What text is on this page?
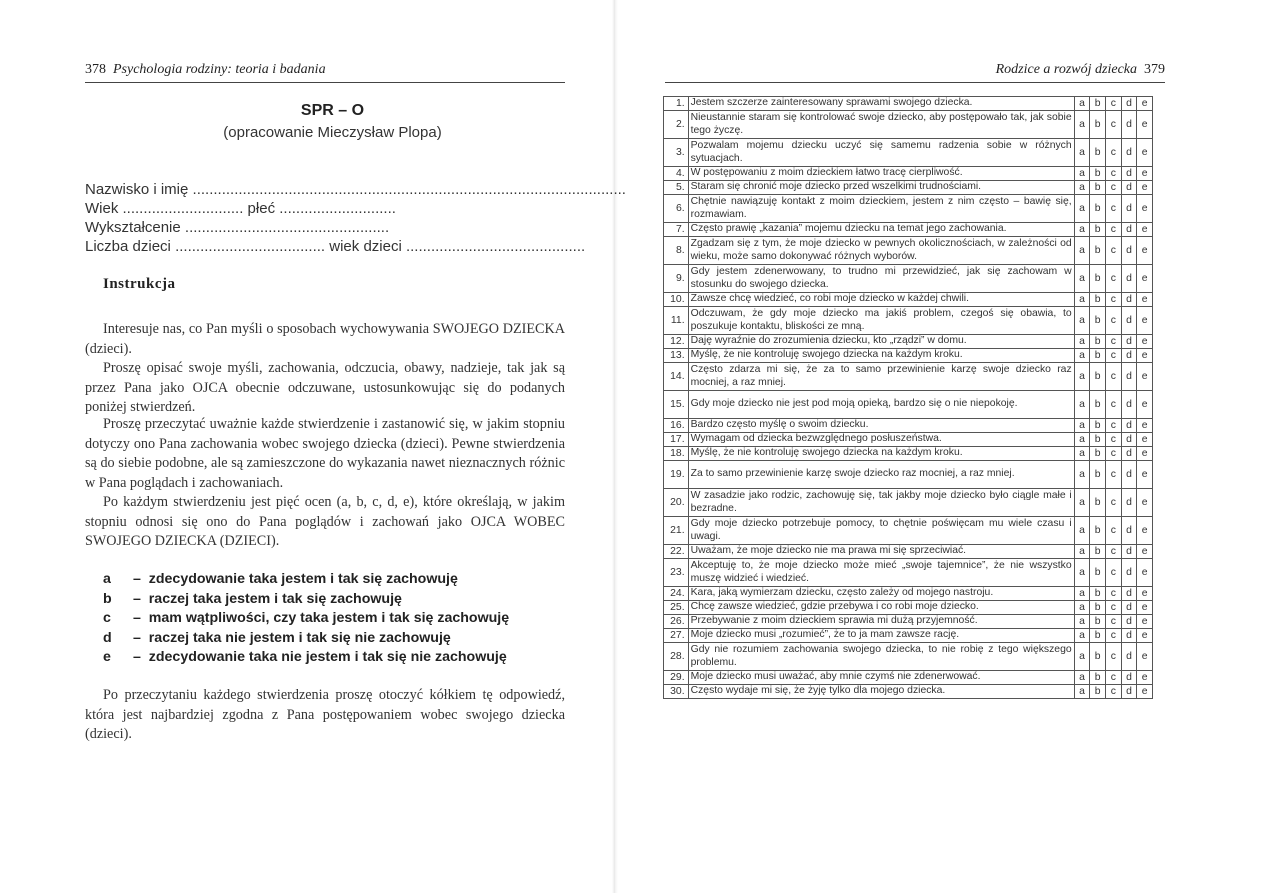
378 Psychologia rodziny: teoria i badania
SPR – O
(opracowanie Mieczysław Plopa)
Nazwisko i imię ........................................................................................................
Wiek ............................. płeć ............................
Wykształcenie .................................................
Liczba dzieci .................................... wiek dzieci ...........................................
Instrukcja
Interesuje nas, co Pan myśli o sposobach wychowywania SWOJEGO DZIECKA (dzieci).
Proszę opisać swoje myśli, zachowania, odczucia, obawy, nadzieje, tak jak są przez Pana jako OJCA obecnie odczuwane, ustosunkowując się do podanych poniżej stwierdzeń.
Proszę przeczytać uważnie każde stwierdzenie i zastanowić się, w jakim stopniu dotyczy ono Pana zachowania wobec swojego dziecka (dzieci). Pewne stwierdzenia są do siebie podobne, ale są zamieszczone do wykazania nawet nieznacznych różnic w Pana poglądach i zachowaniach.
Po każdym stwierdzeniu jest pięć ocen (a, b, c, d, e), które określają, w jakim stopniu odnosi się ono do Pana poglądów i zachowań jako OJCA WOBEC SWOJEGO DZIECKA (DZIECI).
a –  zdecydowanie taka jestem i tak się zachowuję
b –  raczej taka jestem i tak się zachowuję
c –  mam wątpliwości, czy taka jestem i tak się zachowuję
d –  raczej taka nie jestem i tak się nie zachowuję
e –  zdecydowanie taka nie jestem i tak się nie zachowuję
Po przeczytaniu każdego stwierdzenia proszę otoczyć kółkiem tę odpowiedź, która jest najbardziej zgodna z Pana postępowaniem wobec swojego dziecka (dzieci).
Rodzice a rozwój dziecka 379
1.	Jestem szczerze zainteresowany sprawami swojego dziecka.	a	b	c	d	e
2.	Nieustannie staram się kontrolować swoje dziecko, aby postępowało tak, jak sobie tego życzę.	a	b	c	d	e
3.	Pozwalam mojemu dziecku uczyć się samemu radzenia sobie w różnych sytuacjach.	a	b	c	d	e
4.	W postępowaniu z moim dzieckiem łatwo tracę cierpliwość.	a	b	c	d	e
5.	Staram się chronić moje dziecko przed wszelkimi trudnościami.	a	b	c	d	e
6.	Chętnie nawiązuję kontakt z moim dzieckiem, jestem z nim często – bawię się, rozmawiam.	a	b	c	d	e
7.	Często prawię „kazania” mojemu dziecku na temat jego zachowania.	a	b	c	d	e
8.	Zgadzam się z tym, że moje dziecko w pewnych okolicznościach, w zależności od wieku, może samo dokonywać różnych wyborów.	a	b	c	d	e
9.	Gdy jestem zdenerwowany, to trudno mi przewidzieć, jak się zachowam w stosunku do swojego dziecka.	a	b	c	d	e
10.	Zawsze chcę wiedzieć, co robi moje dziecko w każdej chwili.	a	b	c	d	e
11.	Odczuwam, że gdy moje dziecko ma jakiś problem, czegoś się obawia, to poszukuje kontaktu, bliskości ze mną.	a	b	c	d	e
12.	Daję wyraźnie do zrozumienia dziecku, kto „rządzi” w domu.	a	b	c	d	e
13.	Myślę, że nie kontroluję swojego dziecka na każdym kroku.	a	b	c	d	e
14.	Często zdarza mi się, że za to samo przewinienie karzę swoje dziecko raz mocniej, a raz mniej.	a	b	c	d	e
15.	Gdy moje dziecko nie jest pod moją opieką, bardzo się o nie niepokoję.	a	b	c	d	e
16.	Bardzo często myślę o swoim dziecku.	a	b	c	d	e
17.	Wymagam od dziecka bezwzględnego posłuszeństwa.	a	b	c	d	e
18.	Myślę, że nie kontroluję swojego dziecka na każdym kroku.	a	b	c	d	e
19.	Za to samo przewinienie karzę swoje dziecko raz mocniej, a raz mniej.	a	b	c	d	e
20.	W zasadzie jako rodzic, zachowuję się, tak jakby moje dziecko było ciągle małe i bezradne.	a	b	c	d	e
21.	Gdy moje dziecko potrzebuje pomocy, to chętnie poświęcam mu wiele czasu i uwagi.	a	b	c	d	e
22.	Uważam, że moje dziecko nie ma prawa mi się sprzeciwiać.	a	b	c	d	e
23.	Akceptuję to, że moje dziecko może mieć „swoje tajemnice”, że nie wszystko muszę widzieć i wiedzieć.	a	b	c	d	e
24.	Kara, jaką wymierzam dziecku, często zależy od mojego nastroju.	a	b	c	d	e
25.	Chcę zawsze wiedzieć, gdzie przebywa i co robi moje dziecko.	a	b	c	d	e
26.	Przebywanie z moim dzieckiem sprawia mi dużą przyjemność.	a	b	c	d	e
27.	Moje dziecko musi „rozumieć”, że to ja mam zawsze rację.	a	b	c	d	e
28.	Gdy nie rozumiem zachowania swojego dziecka, to nie robię z tego większego problemu.	a	b	c	d	e
29.	Moje dziecko musi uważać, aby mnie czymś nie zdenerwować.	a	b	c	d	e
30.	Często wydaje mi się, że żyję tylko dla mojego dziecka.	a	b	c	d	e
